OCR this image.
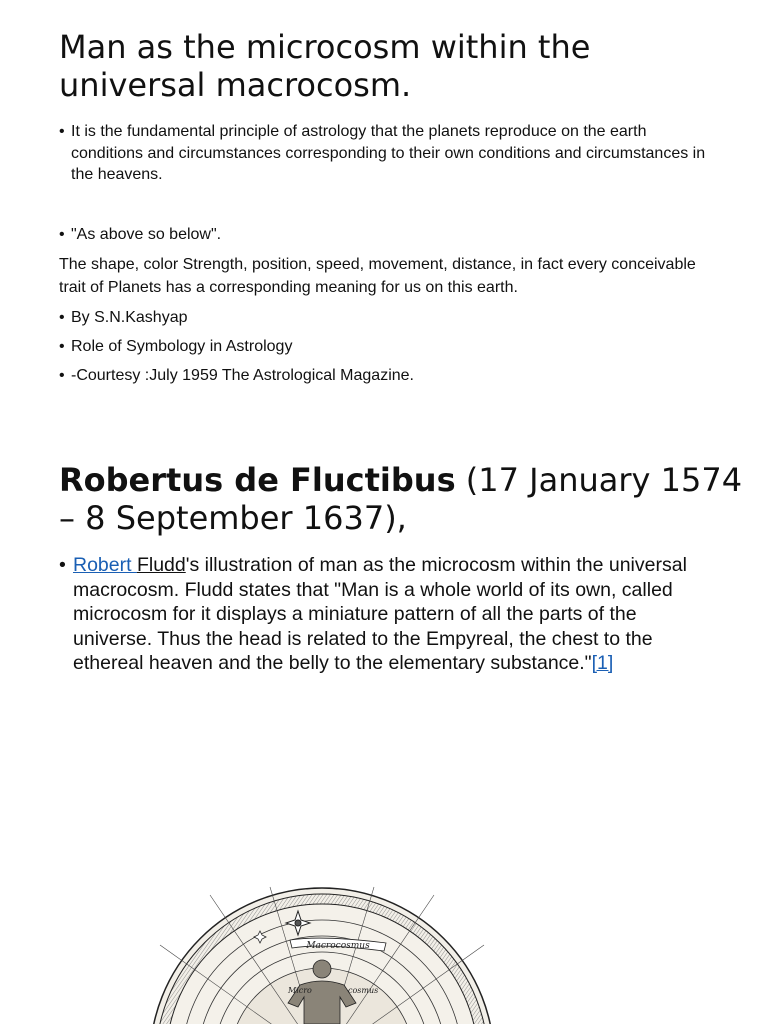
Man as the microcosm within the universal macrocosm.
• It is the fundamental principle of astrology that the planets reproduce on the earth conditions and circumstances corresponding to their own conditions and circumstances in the heavens.
• "As above so below".
The shape, color Strength, position, speed, movement, distance, in fact every conceivable trait of Planets has a corresponding meaning for us on this earth.
• By S.N.Kashyap
• Role of Symbology in Astrology
• -Courtesy :July 1959 The Astrological Magazine.
Robertus de Fluctibus (17 January 1574 – 8 September 1637),
• Robert Fludd's illustration of man as the microcosm within the universal macrocosm. Fludd states that "Man is a whole world of its own, called microcosm for it displays a miniature pattern of all the parts of the universe. Thus the head is related to the Empyreal, the chest to the ethereal heaven and the belly to the elementary substance."[1]
Macrocosmus
Micro	cosmus
